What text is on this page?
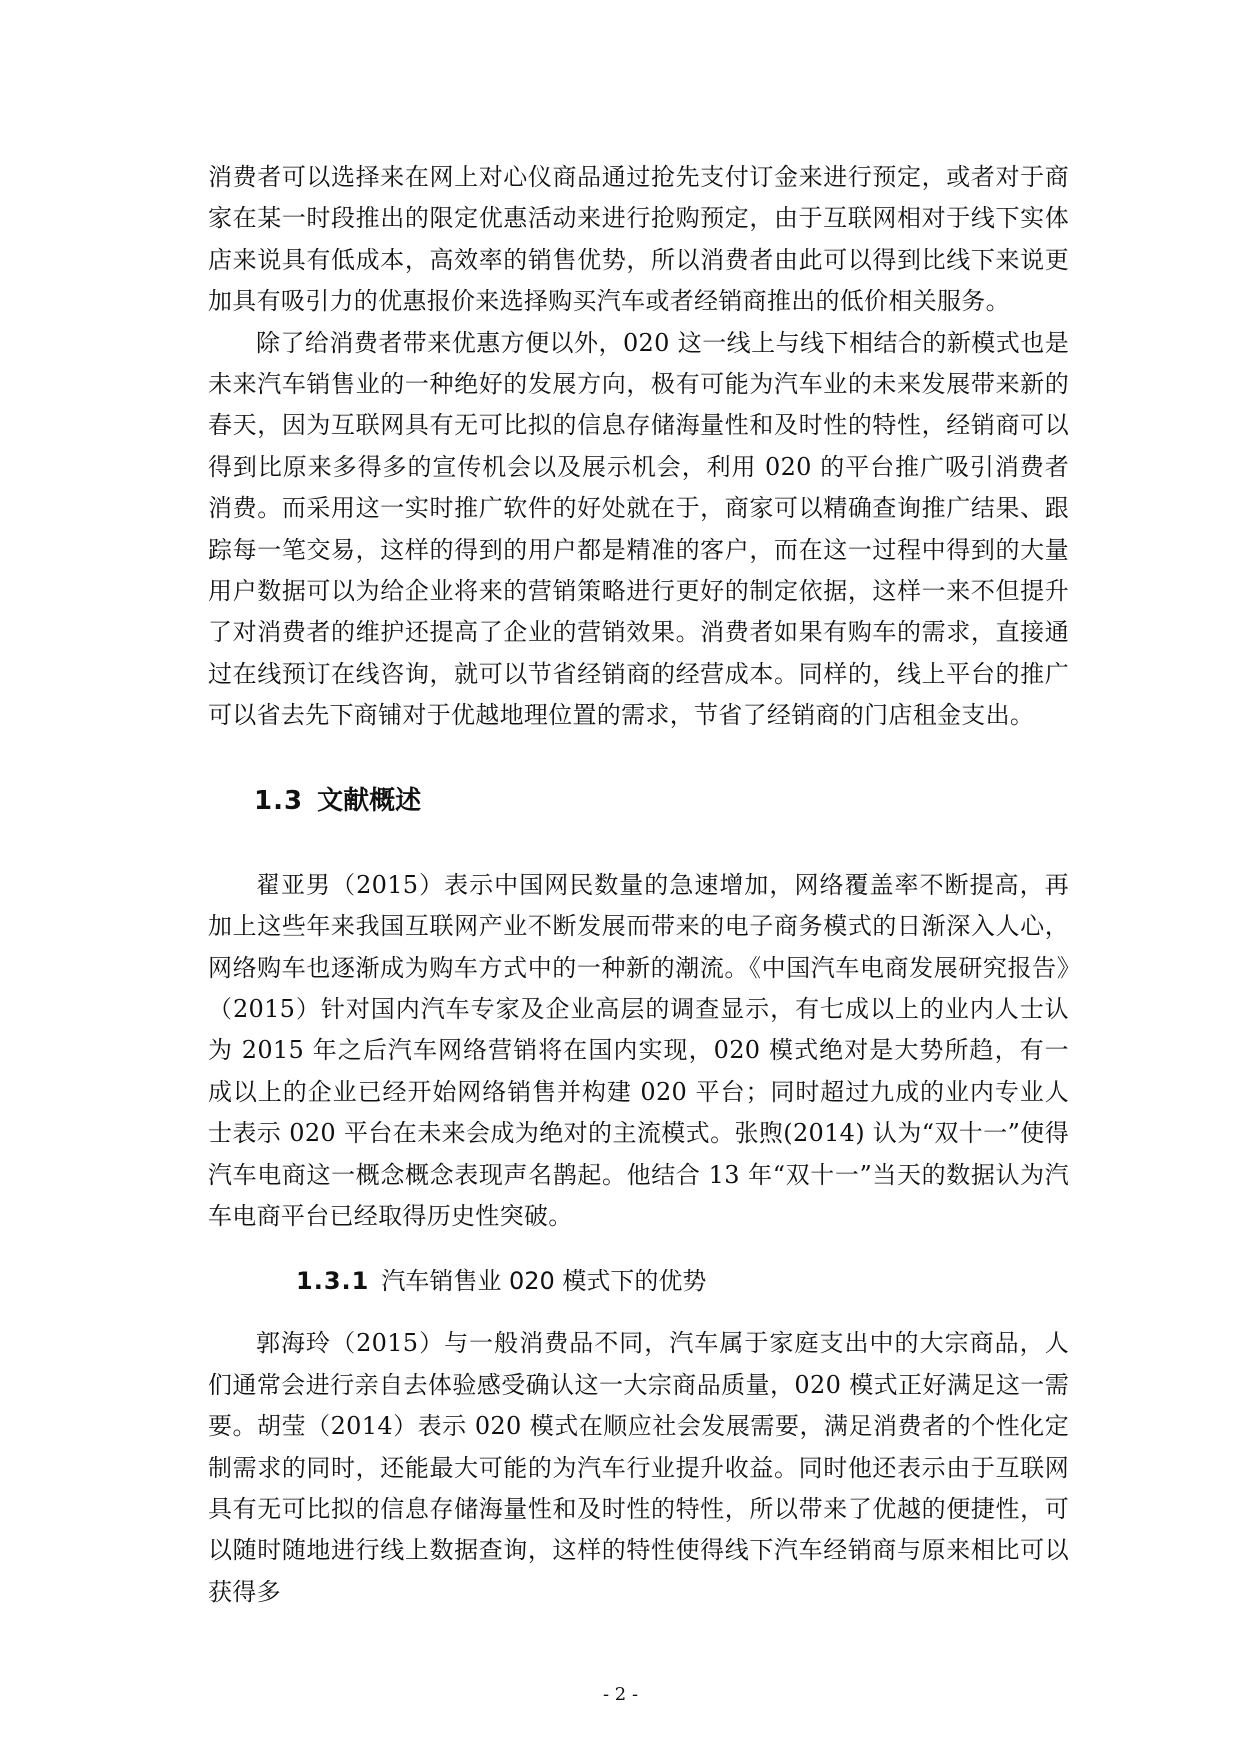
消费者可以选择来在网上对心仪商品通过抢先支付订金来进行预定，或者对于商家在某一时段推出的限定优惠活动来进行抢购预定，由于互联网相对于线下实体店来说具有低成本，高效率的销售优势，所以消费者由此可以得到比线下来说更加具有吸引力的优惠报价来选择购买汽车或者经销商推出的低价相关服务。

除了给消费者带来优惠方便以外，020 这一线上与线下相结合的新模式也是未来汽车销售业的一种绝好的发展方向，极有可能为汽车业的未来发展带来新的春天，因为互联网具有无可比拟的信息存储海量性和及时性的特性，经销商可以得到比原来多得多的宣传机会以及展示机会，利用 020 的平台推广吸引消费者消费。而采用这一实时推广软件的好处就在于，商家可以精确查询推广结果、跟踪每一笔交易，这样的得到的用户都是精准的客户，而在这一过程中得到的大量用户数据可以为给企业将来的营销策略进行更好的制定依据，这样一来不但提升了对消费者的维护还提高了企业的营销效果。消费者如果有购车的需求，直接通过在线预订在线咨询，就可以节省经销商的经营成本。同样的，线上平台的推广可以省去先下商铺对于优越地理位置的需求，节省了经销商的门店租金支出。

1.3 文献概述

翟亚男（2015）表示中国网民数量的急速增加，网络覆盖率不断提高，再加上这些年来我国互联网产业不断发展而带来的电子商务模式的日渐深入人心，网络购车也逐渐成为购车方式中的一种新的潮流。《中国汽车电商发展研究报告》（2015）针对国内汽车专家及企业高层的调查显示，有七成以上的业内人士认为 2015 年之后汽车网络营销将在国内实现，020 模式绝对是大势所趋，有一成以上的企业已经开始网络销售并构建 020 平台；同时超过九成的业内专业人士表示 020 平台在未来会成为绝对的主流模式。张煦(2014) 认为“双十一”使得汽车电商这一概念概念表现声名鹊起。他结合 13 年“双十一”当天的数据认为汽车电商平台已经取得历史性突破。

1.3.1 汽车销售业 020 模式下的优势

郭海玲（2015）与一般消费品不同，汽车属于家庭支出中的大宗商品，人们通常会进行亲自去体验感受确认这一大宗商品质量，020 模式正好满足这一需要。胡莹（2014）表示 020 模式在顺应社会发展需要，满足消费者的个性化定制需求的同时，还能最大可能的为汽车行业提升收益。同时他还表示由于互联网具有无可比拟的信息存储海量性和及时性的特性，所以带来了优越的便捷性，可以随时随地进行线上数据查询，这样的特性使得线下汽车经销商与原来相比可以获得多

- 2 -
